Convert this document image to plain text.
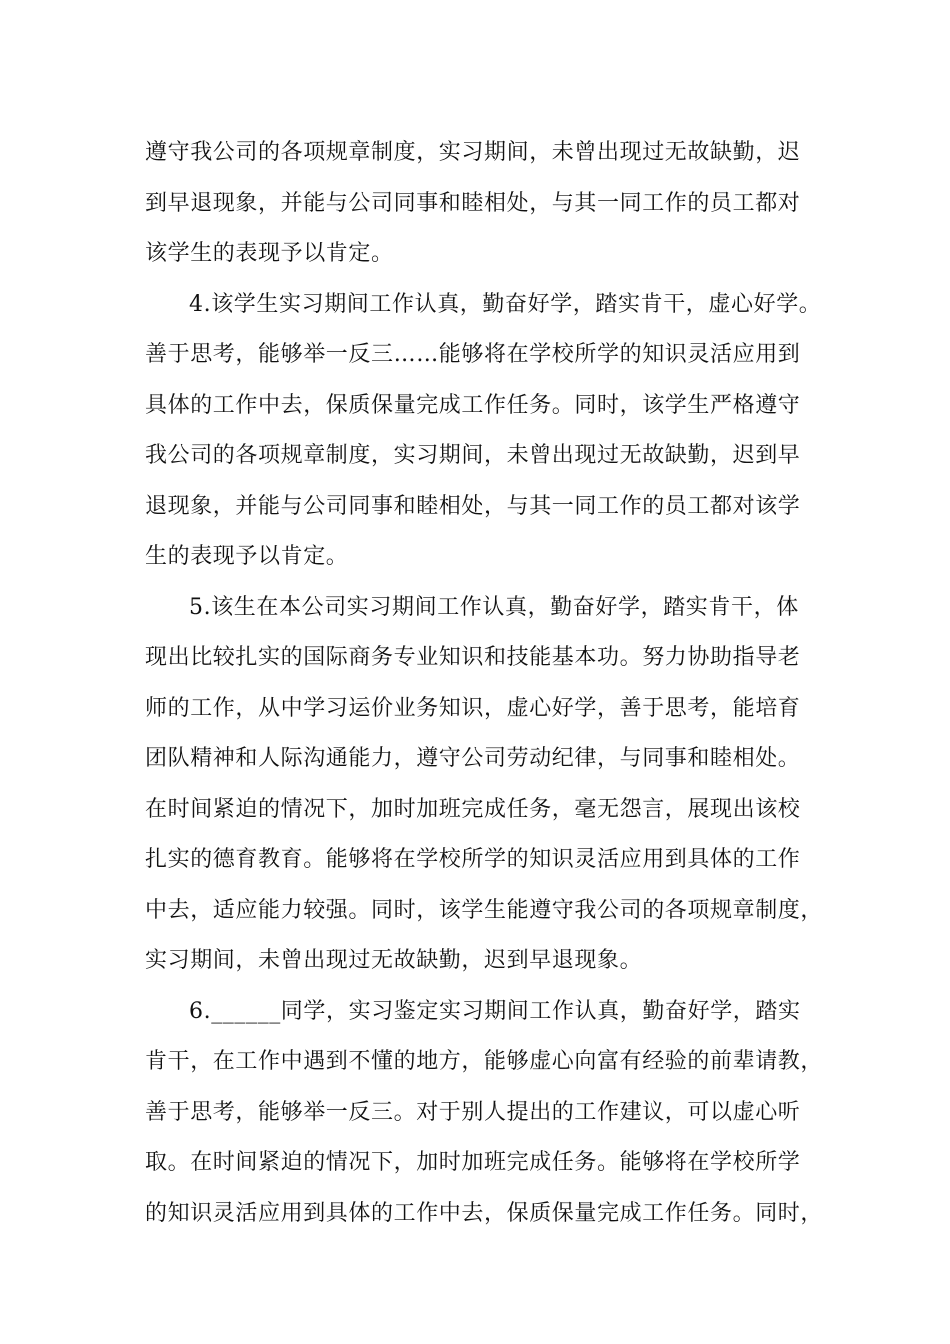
遵守我公司的各项规章制度，实习期间，未曾出现过无故缺勤，迟
到早退现象，并能与公司同事和睦相处，与其一同工作的员工都对
该学生的表现予以肯定。
4.该学生实习期间工作认真，勤奋好学，踏实肯干，虚心好学。
善于思考，能够举一反三……能够将在学校所学的知识灵活应用到
具体的工作中去，保质保量完成工作任务。同时，该学生严格遵守
我公司的各项规章制度，实习期间，未曾出现过无故缺勤，迟到早
退现象，并能与公司同事和睦相处，与其一同工作的员工都对该学
生的表现予以肯定。
5.该生在本公司实习期间工作认真，勤奋好学，踏实肯干，体
现出比较扎实的国际商务专业知识和技能基本功。努力协助指导老
师的工作，从中学习运价业务知识，虚心好学，善于思考，能培育
团队精神和人际沟通能力，遵守公司劳动纪律，与同事和睦相处。
在时间紧迫的情况下，加时加班完成任务，毫无怨言，展现出该校
扎实的德育教育。能够将在学校所学的知识灵活应用到具体的工作
中去，适应能力较强。同时，该学生能遵守我公司的各项规章制度，
实习期间，未曾出现过无故缺勤，迟到早退现象。
6.______同学，实习鉴定实习期间工作认真，勤奋好学，踏实
肯干，在工作中遇到不懂的地方，能够虚心向富有经验的前辈请教，
善于思考，能够举一反三。对于别人提出的工作建议，可以虚心听
取。在时间紧迫的情况下，加时加班完成任务。能够将在学校所学
的知识灵活应用到具体的工作中去，保质保量完成工作任务。同时，
